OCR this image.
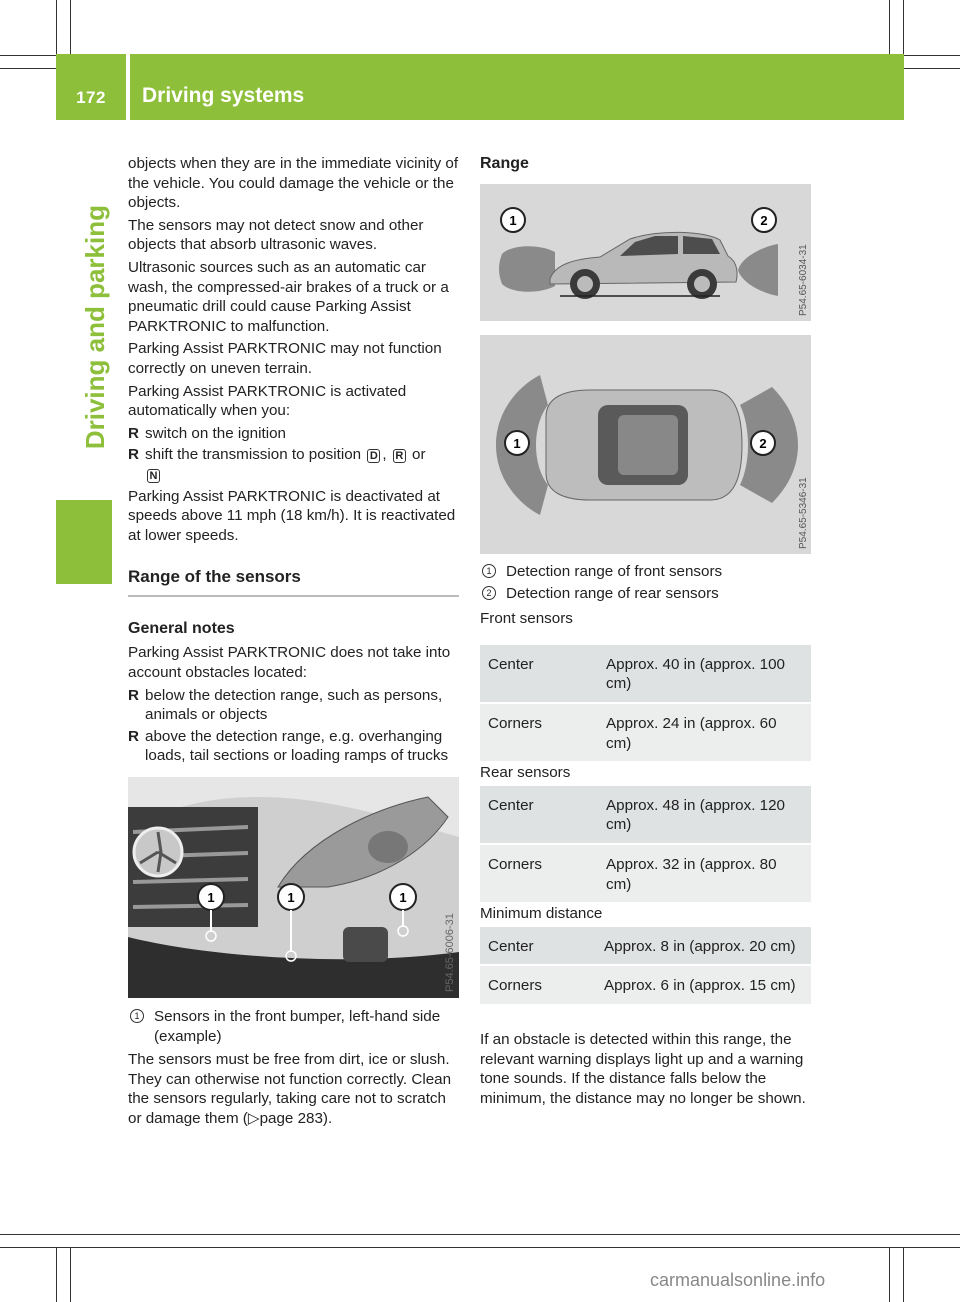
172	Driving systems
Driving and parking

objects when they are in the immediate vicinity of the vehicle. You could damage the vehicle or the objects.

The sensors may not detect snow and other objects that absorb ultrasonic waves.

Ultrasonic sources such as an automatic car wash, the compressed-air brakes of a truck or a pneumatic drill could cause Parking Assist PARKTRONIC to malfunction.

Parking Assist PARKTRONIC may not function correctly on uneven terrain.

Parking Assist PARKTRONIC is activated automatically when you:

R switch on the ignition
R shift the transmission to position D , R or
N

Parking Assist PARKTRONIC is deactivated at speeds above 11 mph (18 km/h). It is reactivated at lower speeds.

Range of the sensors
General notes

Parking Assist PARKTRONIC does not take into account obstacles located:

R below the detection range, such as persons, animals or objects
R above the detection range, e.g. overhanging loads, tail sections or loading ramps of trucks
1	1	1
P54.65-6006-31
1 Sensors in the front bumper, left-hand side (example)

The sensors must be free from dirt, ice or slush. They can otherwise not function correctly. Clean the sensors regularly, taking care not to scratch or damage them (▷page 283).

Range
1	2
P54.65-6034-31
1	2
P54.65-5346-31
1 Detection range of front sensors
2 Detection range of rear sensors

Front sensors

Center	Approx. 40 in (approx. 100 cm)
Corners	Approx. 24 in (approx. 60 cm)

Rear sensors

Center	Approx. 48 in (approx. 120 cm)
Corners	Approx. 32 in (approx. 80 cm)

Minimum distance

Center	Approx. 8 in (approx. 20 cm)
Corners	Approx. 6 in (approx. 15 cm)

If an obstacle is detected within this range, the relevant warning displays light up and a warning tone sounds. If the distance falls below the minimum, the distance may no longer be shown.

carmanualsonline.info
